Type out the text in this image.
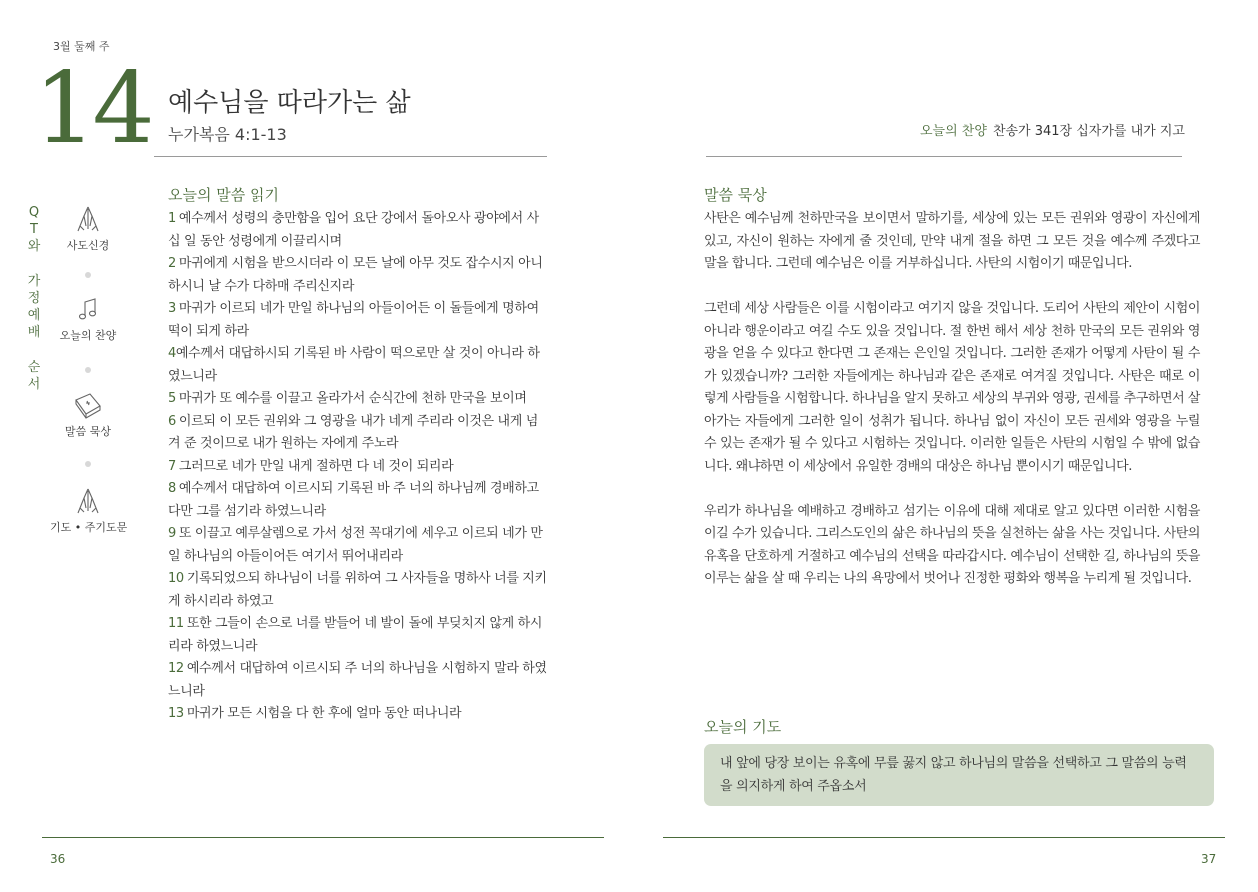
3월 둘째 주
14 예수님을 따라가는 삶
누가복음 4:1-13
Q
T
와
가
정
예
배
순
서
사도신경
오늘의 찬양
말씀 묵상
기도 • 주기도문
오늘의 말씀 읽기
1 예수께서 성령의 충만함을 입어 요단 강에서 돌아오사 광야에서 사십 일 동안 성령에게 이끌리시며
2 마귀에게 시험을 받으시더라 이 모든 날에 아무 것도 잡수시지 아니하시니 날 수가 다하매 주리신지라
3 마귀가 이르되 네가 만일 하나님의 아들이어든 이 돌들에게 명하여 떡이 되게 하라
4예수께서 대답하시되 기록된 바 사람이 떡으로만 살 것이 아니라 하였느니라
5 마귀가 또 예수를 이끌고 올라가서 순식간에 천하 만국을 보이며
6 이르되 이 모든 권위와 그 영광을 내가 네게 주리라 이것은 내게 넘겨 준 것이므로 내가 원하는 자에게 주노라
7 그러므로 네가 만일 내게 절하면 다 네 것이 되리라
8 예수께서 대답하여 이르시되 기록된 바 주 너의 하나님께 경배하고 다만 그를 섬기라 하였느니라
9 또 이끌고 예루살렘으로 가서 성전 꼭대기에 세우고 이르되 네가 만일 하나님의 아들이어든 여기서 뛰어내리라
10 기록되었으되 하나님이 너를 위하여 그 사자들을 명하사 너를 지키게 하시리라 하였고
11 또한 그들이 손으로 너를 받들어 네 발이 돌에 부딪치지 않게 하시리라 하였느니라
12 예수께서 대답하여 이르시되 주 너의 하나님을 시험하지 말라 하였느니라
13 마귀가 모든 시험을 다 한 후에 얼마 동안 떠나니라
36
오늘의 찬양 찬송가 341장 십자가를 내가 지고
말씀 묵상

사탄은 예수님께 천하만국을 보이면서 말하기를, 세상에 있는 모든 권위와 영광이 자신에게 있고, 자신이 원하는 자에게 줄 것인데, 만약 내게 절을 하면 그 모든 것을 예수께 주겠다고 말을 합니다. 그런데 예수님은 이를 거부하십니다. 사탄의 시험이기 때문입니다.

그런데 세상 사람들은 이를 시험이라고 여기지 않을 것입니다. 도리어 사탄의 제안이 시험이 아니라 행운이라고 여길 수도 있을 것입니다. 절 한번 해서 세상 천하 만국의 모든 권위와 영광을 얻을 수 있다고 한다면 그 존재는 은인일 것입니다. 그러한 존재가 어떻게 사탄이 될 수가 있겠습니까? 그러한 자들에게는 하나님과 같은 존재로 여겨질 것입니다. 사탄은 때로 이렇게 사람들을 시험합니다. 하나님을 알지 못하고 세상의 부귀와 영광, 권세를 추구하면서 살아가는 자들에게 그러한 일이 성취가 됩니다. 하나님 없이 자신이 모든 권세와 영광을 누릴 수 있는 존재가 될 수 있다고 시험하는 것입니다. 이러한 일들은 사탄의 시험일 수 밖에 없습니다. 왜냐하면 이 세상에서 유일한 경배의 대상은 하나님 뿐이시기 때문입니다.

우리가 하나님을 예배하고 경배하고 섬기는 이유에 대해 제대로 알고 있다면 이러한 시험을 이길 수가 있습니다. 그리스도인의 삶은 하나님의 뜻을 실천하는 삶을 사는 것입니다. 사탄의 유혹을 단호하게 거절하고 예수님의 선택을 따라갑시다. 예수님이 선택한 길, 하나님의 뜻을 이루는 삶을 살 때 우리는 나의 욕망에서 벗어나 진정한 평화와 행복을 누리게 될 것입니다.

오늘의 기도
내 앞에 당장 보이는 유혹에 무릎 꿇지 않고 하나님의 말씀을 선택하고 그 말씀의 능력을 의지하게 하여 주옵소서
37
